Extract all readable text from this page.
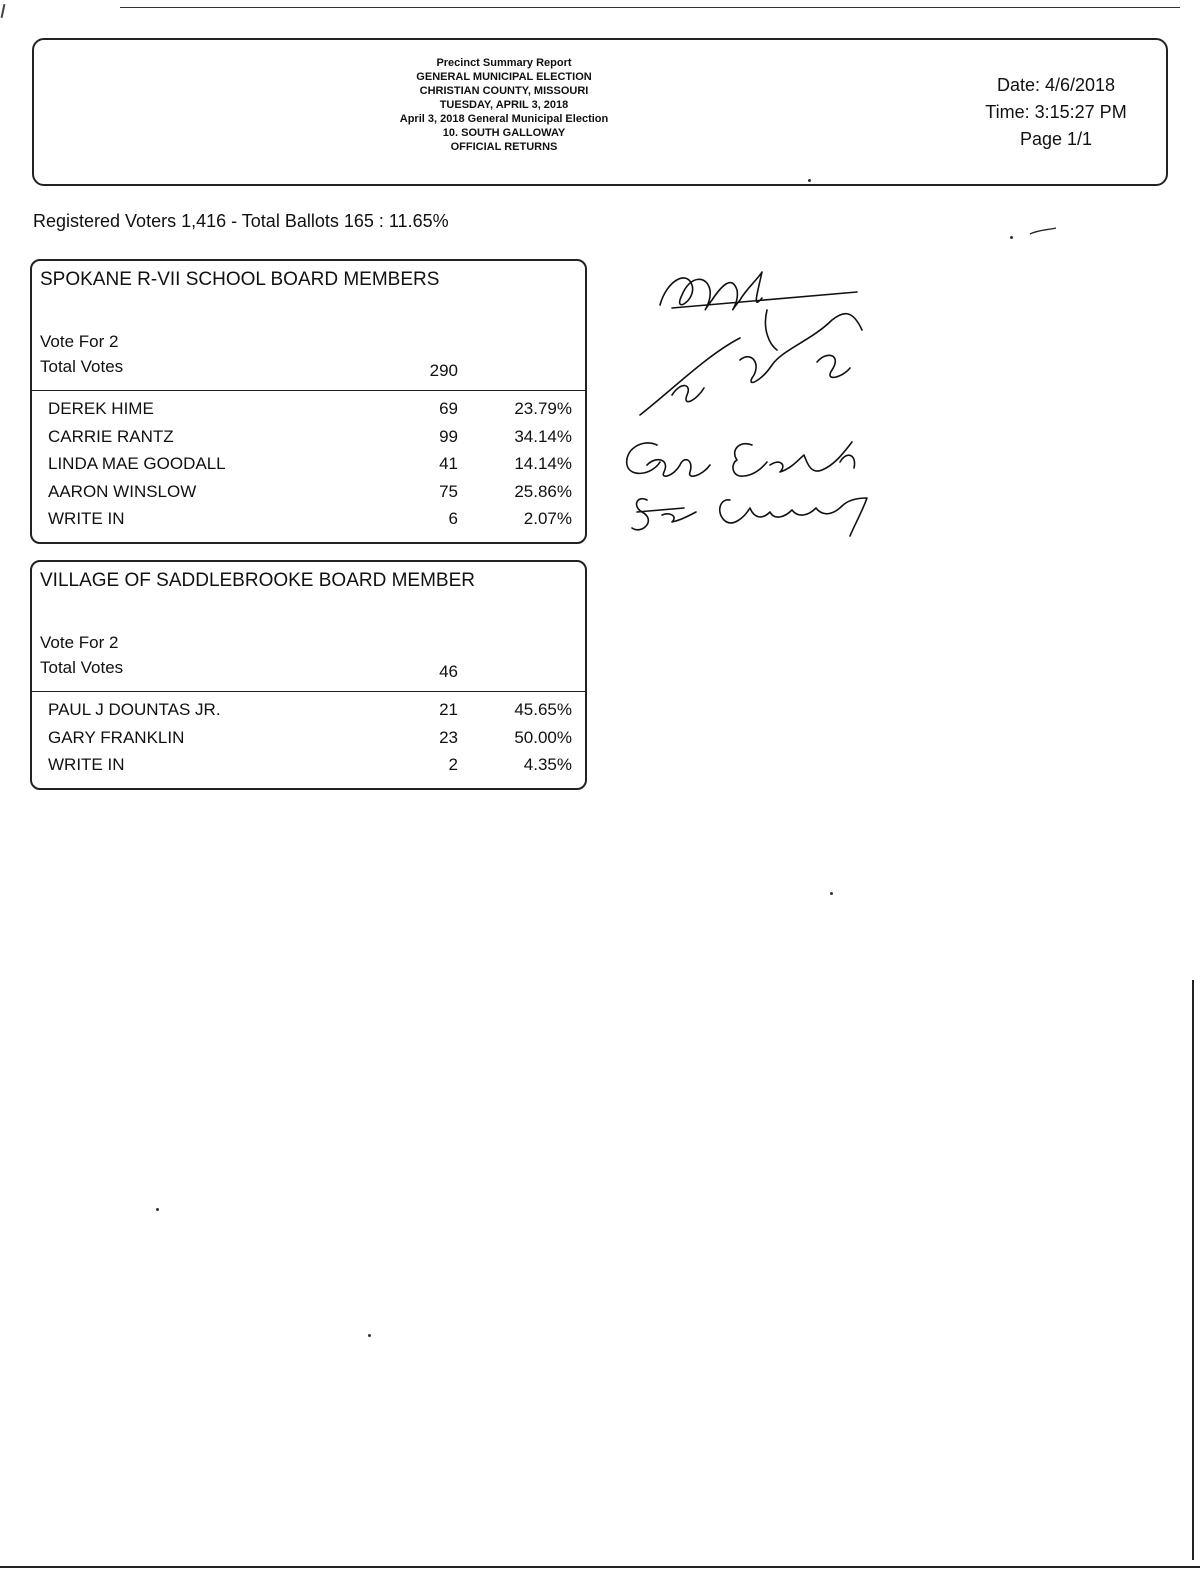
Precinct Summary Report
GENERAL MUNICIPAL ELECTION
CHRISTIAN COUNTY, MISSOURI
TUESDAY, APRIL 3, 2018
April 3, 2018 General Municipal Election
10. SOUTH GALLOWAY
OFFICIAL RETURNS
Date: 4/6/2018
Time: 3:15:27 PM
Page 1/1
Registered Voters 1,416 - Total Ballots 165 : 11.65%
SPOKANE R-VII SCHOOL BOARD MEMBERS
Vote For 2
Total Votes	290
DEREK HIME	69	23.79%
CARRIE RANTZ	99	34.14%
LINDA MAE GOODALL	41	14.14%
AARON WINSLOW	75	25.86%
WRITE IN	6	2.07%
VILLAGE OF SADDLEBROOKE BOARD MEMBER
Vote For 2
Total Votes	46
PAUL J DOUNTAS JR.	21	45.65%
GARY FRANKLIN	23	50.00%
WRITE IN	2	4.35%
